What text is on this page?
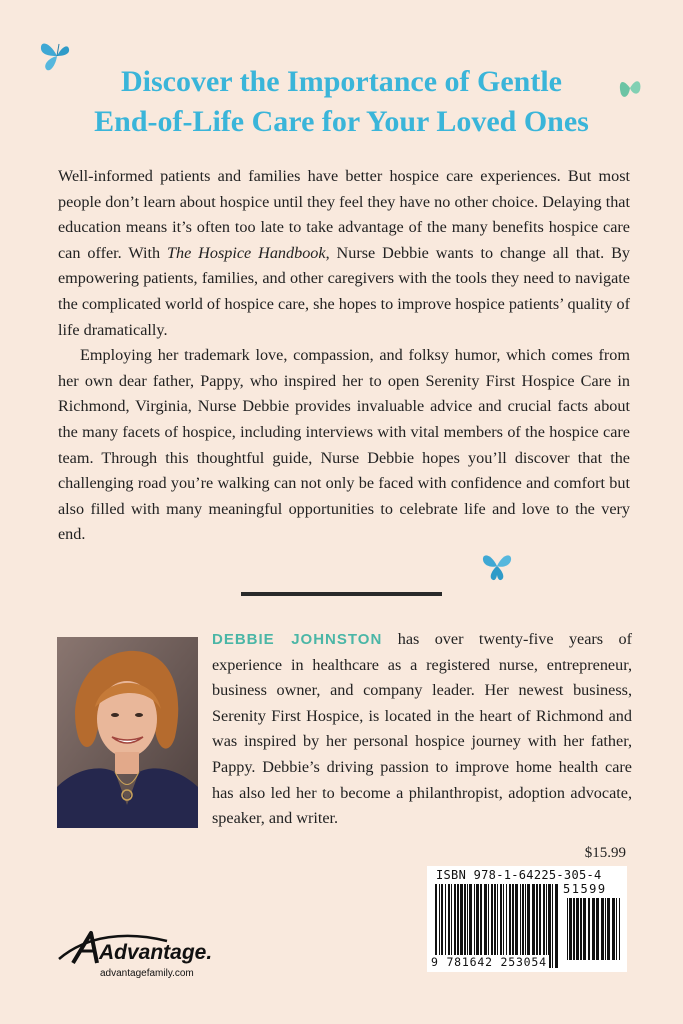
Discover the Importance of Gentle
End-of-Life Care for Your Loved Ones

Well-informed patients and families have better hospice care experiences. But most people don’t learn about hospice until they feel they have no other choice. Delaying that education means it’s often too late to take advantage of the many benefits hospice care can offer. With The Hospice Handbook, Nurse Debbie wants to change all that. By empowering patients, families, and other caregivers with the tools they need to navigate the complicated world of hospice care, she hopes to improve hospice patients’ quality of life dramatically.

Employing her trademark love, compassion, and folksy humor, which comes from her own dear father, Pappy, who inspired her to open Serenity First Hospice Care in Richmond, Virginia, Nurse Debbie provides invaluable advice and crucial facts about the many facets of hospice, including interviews with vital members of the hospice care team. Through this thoughtful guide, Nurse Debbie hopes you’ll discover that the challenging road you’re walking can not only be faced with confidence and comfort but also filled with many meaningful opportunities to celebrate life and love to the very end.

DEBBIE JOHNSTON has over twenty-five years of experience in healthcare as a registered nurse, entrepreneur, business owner, and company leader. Her newest business, Serenity First Hospice, is located in the heart of Richmond and was inspired by her personal hospice journey with her father, Pappy. Debbie’s driving passion to improve home health care has also led her to become a philanthropist, adoption advocate, speaker, and writer.
$15.99
ISBN 978-1-64225-305-4
51599
9 781642 253054
Advantage.
advantagefamily.com
